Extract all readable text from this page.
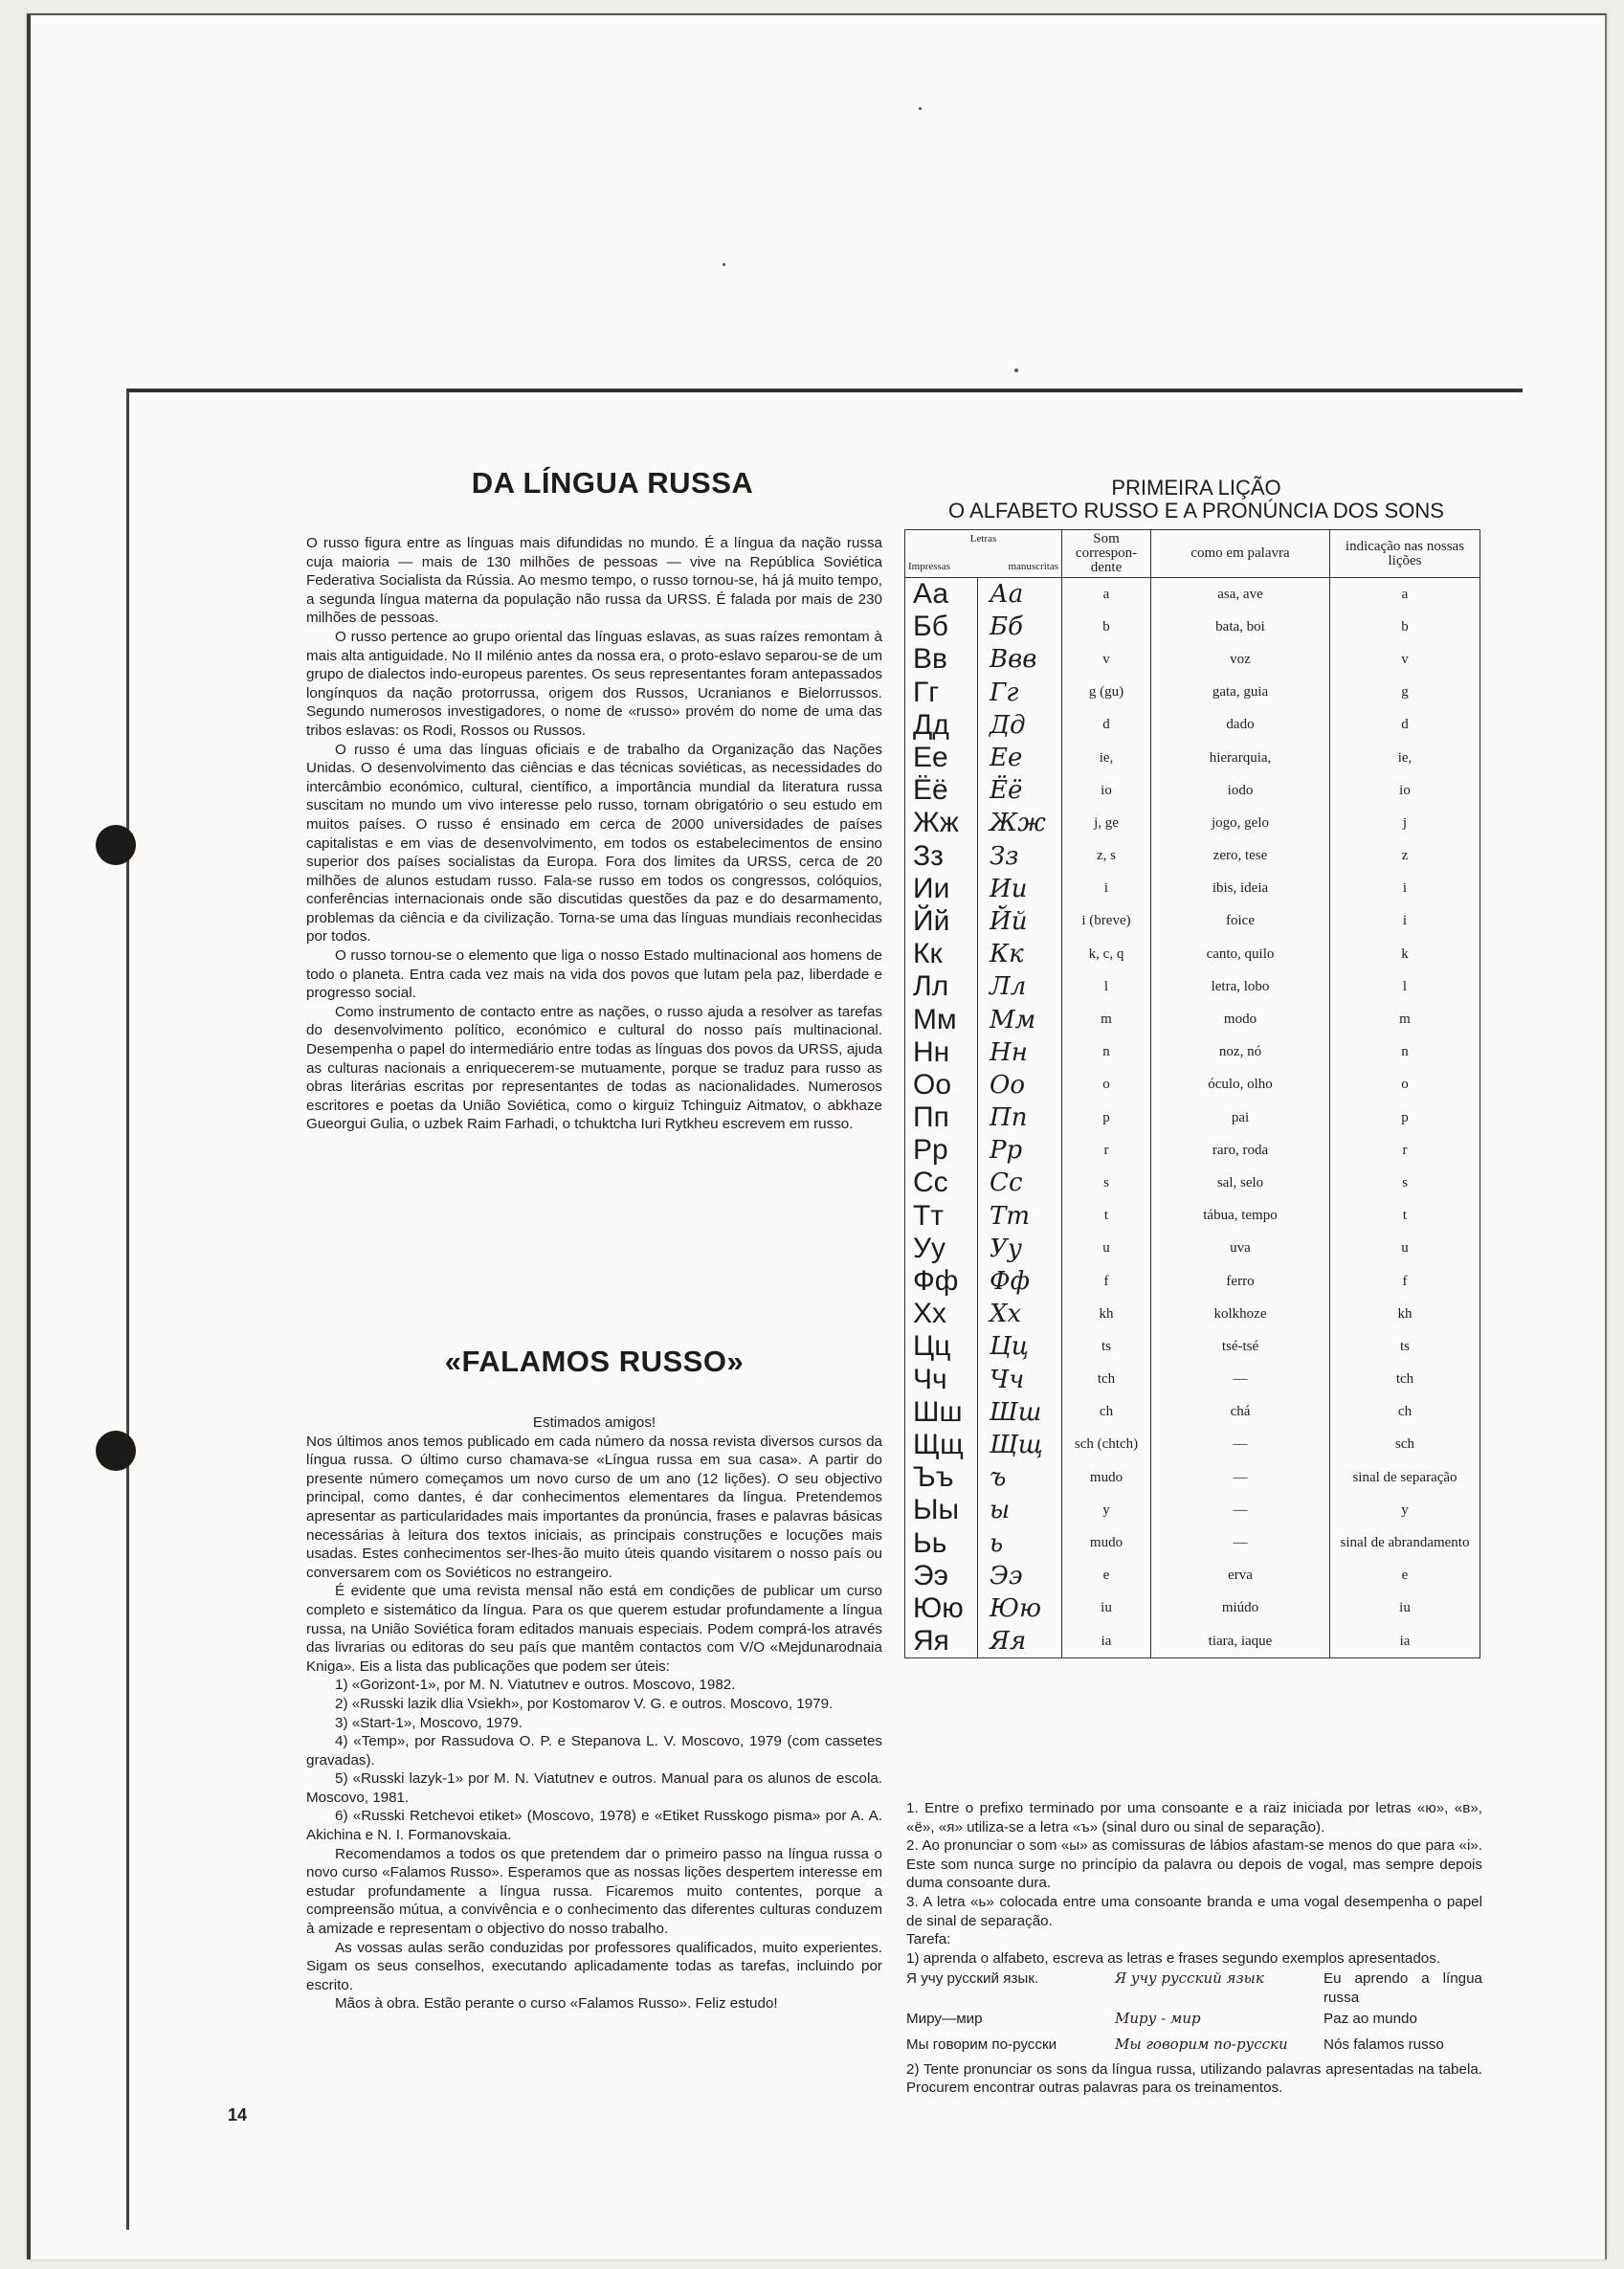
DA LÍNGUA RUSSA

O russo figura entre as línguas mais difundidas no mundo. É a língua da nação russa cuja maioria — mais de 130 milhões de pessoas — vive na República Soviética Federativa Socialista da Rússia. Ao mesmo tempo, o russo tornou-se, há já muito tempo, a segunda língua materna da população não russa da URSS. É falada por mais de 230 milhões de pessoas.

O russo pertence ao grupo oriental das línguas eslavas, as suas raízes remontam à mais alta antiguidade. No II milénio antes da nossa era, o proto-eslavo separou-se de um grupo de dialectos indo-europeus parentes. Os seus representantes foram antepassados longínquos da nação protorrussa, origem dos Russos, Ucranianos e Bielorrussos. Segundo numerosos investigadores, o nome de «russo» provém do nome de uma das tribos eslavas: os Rodi, Rossos ou Russos.

O russo é uma das línguas oficiais e de trabalho da Organização das Nações Unidas. O desenvolvimento das ciências e das técnicas soviéticas, as necessidades do intercâmbio económico, cultural, científico, a importância mundial da literatura russa suscitam no mundo um vivo interesse pelo russo, tornam obrigatório o seu estudo em muitos países. O russo é ensinado em cerca de 2000 universidades de países capitalistas e em vias de desenvolvimento, em todos os estabelecimentos de ensino superior dos países socialistas da Europa. Fora dos limites da URSS, cerca de 20 milhões de alunos estudam russo. Fala-se russo em todos os congressos, colóquios, conferências internacionais onde são discutidas questões da paz e do desarmamento, problemas da ciência e da civilização. Torna-se uma das línguas mundiais reconhecidas por todos.

O russo tornou-se o elemento que liga o nosso Estado multinacional aos homens de todo o planeta. Entra cada vez mais na vida dos povos que lutam pela paz, liberdade e progresso social.

Como instrumento de contacto entre as nações, o russo ajuda a resolver as tarefas do desenvolvimento político, económico e cultural do nosso país multinacional. Desempenha o papel do intermediário entre todas as línguas dos povos da URSS, ajuda as culturas nacionais a enriquecerem-se mutuamente, porque se traduz para russo as obras literárias escritas por representantes de todas as nacionalidades. Numerosos escritores e poetas da União Soviética, como o kirguiz Tchinguiz Aitmatov, o abkhaze Gueorgui Gulia, o uzbek Raim Farhadi, o tchuktcha Iuri Rytkheu escrevem em russo.

«FALAMOS RUSSO»

Estimados amigos!

Nos últimos anos temos publicado em cada número da nossa revista diversos cursos da língua russa. O último curso chamava-se «Língua russa em sua casa». A partir do presente número começamos um novo curso de um ano (12 lições). O seu objectivo principal, como dantes, é dar conhecimentos elementares da língua. Pretendemos apresentar as particularidades mais importantes da pronúncia, frases e palavras básicas necessárias à leitura dos textos iniciais, as principais construções e locuções mais usadas. Estes conhecimentos ser-lhes-ão muito úteis quando visitarem o nosso país ou conversarem com os Soviéticos no estrangeiro.

É evidente que uma revista mensal não está em condições de publicar um curso completo e sistemático da língua. Para os que querem estudar profundamente a língua russa, na União Soviética foram editados manuais especiais. Podem comprá-los através das livrarias ou editoras do seu país que mantêm contactos com V/O «Mejdunarodnaia Kniga». Eis a lista das publicações que podem ser úteis:

1) «Gorizont-1», por M. N. Viatutnev e outros. Moscovo, 1982.

2) «Russki lazik dlia Vsiekh», por Kostomarov V. G. e outros. Moscovo, 1979.

3) «Start-1», Moscovo, 1979.

4) «Temp», por Rassudova O. P. e Stepanova L. V. Moscovo, 1979 (com cassetes gravadas).

5) «Russki lazyk-1» por M. N. Viatutnev e outros. Manual para os alunos de escola. Moscovo, 1981.

6) «Russki Retchevoi etiket» (Moscovo, 1978) e «Etiket Russkogo pisma» por A. A. Akichina e N. I. Formanovskaia.

Recomendamos a todos os que pretendem dar o primeiro passo na língua russa o novo curso «Falamos Russo». Esperamos que as nossas lições despertem interesse em estudar profundamente a língua russa. Ficaremos muito contentes, porque a compreensão mútua, a convivência e o conhecimento das diferentes culturas conduzem à amizade e representam o objectivo do nosso trabalho.

As vossas aulas serão conduzidas por professores qualificados, muito experientes. Sigam os seus conselhos, executando aplicadamente todas as tarefas, incluindo por escrito.

Mãos à obra. Estão perante o curso «Falamos Russo». Feliz estudo!

14
PRIMEIRA LIÇÃO
O ALFABETO RUSSO E A PRONÚNCIA DOS SONS
Letras
Impressas manuscritas		Som correspon-dente	como em palavra	indicação nas nossas lições
Аа	Аа	a	asa, ave	a
Бб	Бб	b	bata, boi	b
Вв	Ввв	v	voz	v
Гг	Гг	g (gu)	gata, guia	g
Дд	Дд	d	dado	d
Ее	Ее	ie,	hierarquia,	ie,
Ёё	Ёё	io	iodo	io
Жж	Жж	j, ge	jogo, gelo	j
Зз	Зз	z, s	zero, tese	z
Ии	Ии	i	ibis, ideia	i
Йй	Йй	i (breve)	foice	i
Кк	Кк	k, c, q	canto, quilo	k
Лл	Лл	l	letra, lobo	l
Мм	Мм	m	modo	m
Нн	Нн	n	noz, nó	n
Оо	Оо	o	óculo, olho	o
Пп	Пп	p	pai	p
Рр	Рр	r	raro, roda	r
Сс	Сс	s	sal, selo	s
Тт	Тт	t	tábua, tempo	t
Уу	Уу	u	uva	u
Фф	Фф	f	ferro	f
Хх	Хх	kh	kolkhoze	kh
Цц	Цц	ts	tsé-tsé	ts
Чч	Чч	tch	—	tch
Шш	Шш	ch	chá	ch
Щщ	Щщ	sch (chtch)	—	sch
Ъъ	ъ	mudo	—	sinal de separação
Ыы	ы	y	—	y
Ьь	ь	mudo	—	sinal de abrandamento
Ээ	Ээ	e	erva	e
Юю	Юю	iu	miúdo	iu
Яя	Яя	ia	tiara, iaque	ia

1. Entre o prefixo terminado por uma consoante e a raiz iniciada por letras «ю», «в», «ё», «я» utiliza-se a letra «ъ» (sinal duro ou sinal de separação).

2. Ao pronunciar o som «ы» as comissuras de lábios afastam-se menos do que para «i». Este som nunca surge no princípio da palavra ou depois de vogal, mas sempre depois duma consoante dura.

3. A letra «ь» colocada entre uma consoante branda e uma vogal desempenha o papel de sinal de separação.

Tarefa:

1) aprenda o alfabeto, escreva as letras e frases segundo exemplos apresentados.

Я учу русский язык.	Я учу русский язык	Eu aprendo a língua russa
Миру—мир	Миру - мир	Paz ao mundo
Мы говорим по-русски	Мы говорим по-русски	Nós falamos russo

2) Tente pronunciar os sons da língua russa, utilizando palavras apresentadas na tabela. Procurem encontrar outras palavras para os treinamentos.
